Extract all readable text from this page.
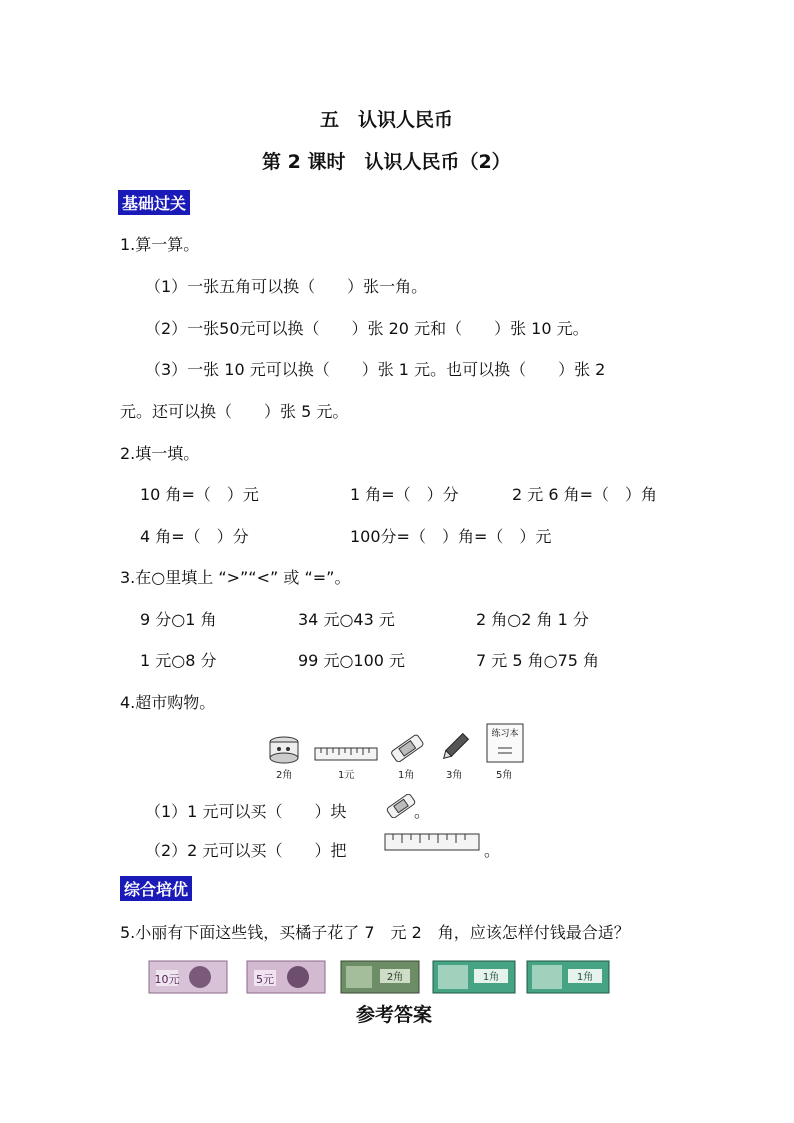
五　认识人民币
第 2 课时　认识人民币（2）
基础过关
1.算一算。
（1）一张五角可以换（　　）张一角。
（2）一张50元可以换（　　）张 20 元和（　　）张 10 元。
（3）一张 10 元可以换（　　）张 1 元。也可以换（　　）张 2
元。还可以换（　　）张 5 元。
2.填一填。
10 角=（　）元	1 角=（　）分	2 元 6 角=（　）角
4 角=（　）分	100分=（　）角=（　）元
3.在○里填上 “>”“<” 或 “=”。
9 分○1 角	34 元○43 元	2 角○2 角 1 分
1 元○8 分	99 元○100 元	7 元 5 角○75 角
4.超市购物。
2角	1元	1角	3角
练习本
5角
（1）1 元可以买（　　）块	。
（2）2 元可以买（　　）把	。
综合培优
5.小丽有下面这些钱，买橘子花了 7　元 2　角，应该怎样付钱最合适？
10元	5元	2角	1角	1角
参考答案
